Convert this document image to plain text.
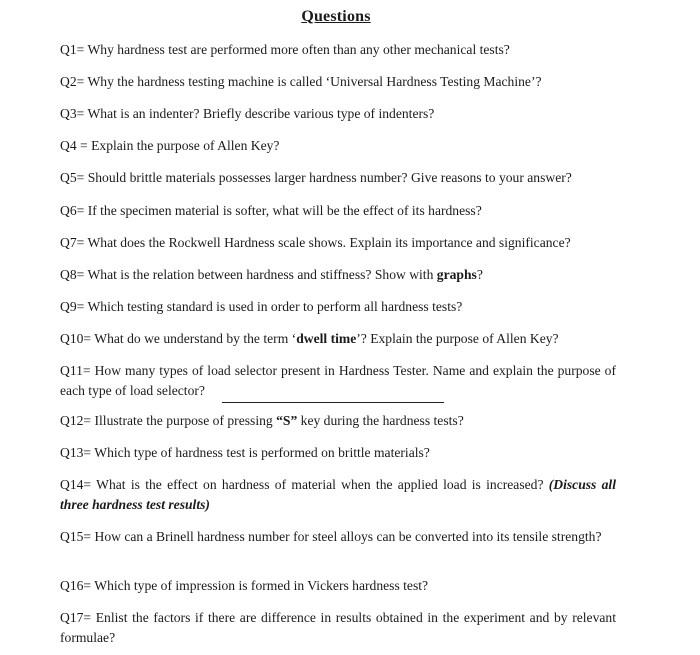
Questions
Q1= Why hardness test are performed more often than any other mechanical tests?
Q2= Why the hardness testing machine is called ‘Universal Hardness Testing Machine’?
Q3= What is an indenter? Briefly describe various type of indenters?
Q4 = Explain the purpose of Allen Key?
Q5= Should brittle materials possesses larger hardness number? Give reasons to your answer?
Q6= If the specimen material is softer, what will be the effect of its hardness?
Q7= What does the Rockwell Hardness scale shows. Explain its importance and significance?
Q8= What is the relation between hardness and stiffness? Show with graphs?
Q9= Which testing standard is used in order to perform all hardness tests?
Q10= What do we understand by the term ‘dwell time’? Explain the purpose of Allen Key?
Q11= How many types of load selector present in Hardness Tester. Name and explain the purpose of each type of load selector?
Q12= Illustrate the purpose of pressing “S” key during the hardness tests?
Q13= Which type of hardness test is performed on brittle materials?
Q14= What is the effect on hardness of material when the applied load is increased? (Discuss all three hardness test results)
Q15= How can a Brinell hardness number for steel alloys can be converted into its tensile strength?
Q16= Which type of impression is formed in Vickers hardness test?
Q17= Enlist the factors if there are difference in results obtained in the experiment and by relevant formulae?
